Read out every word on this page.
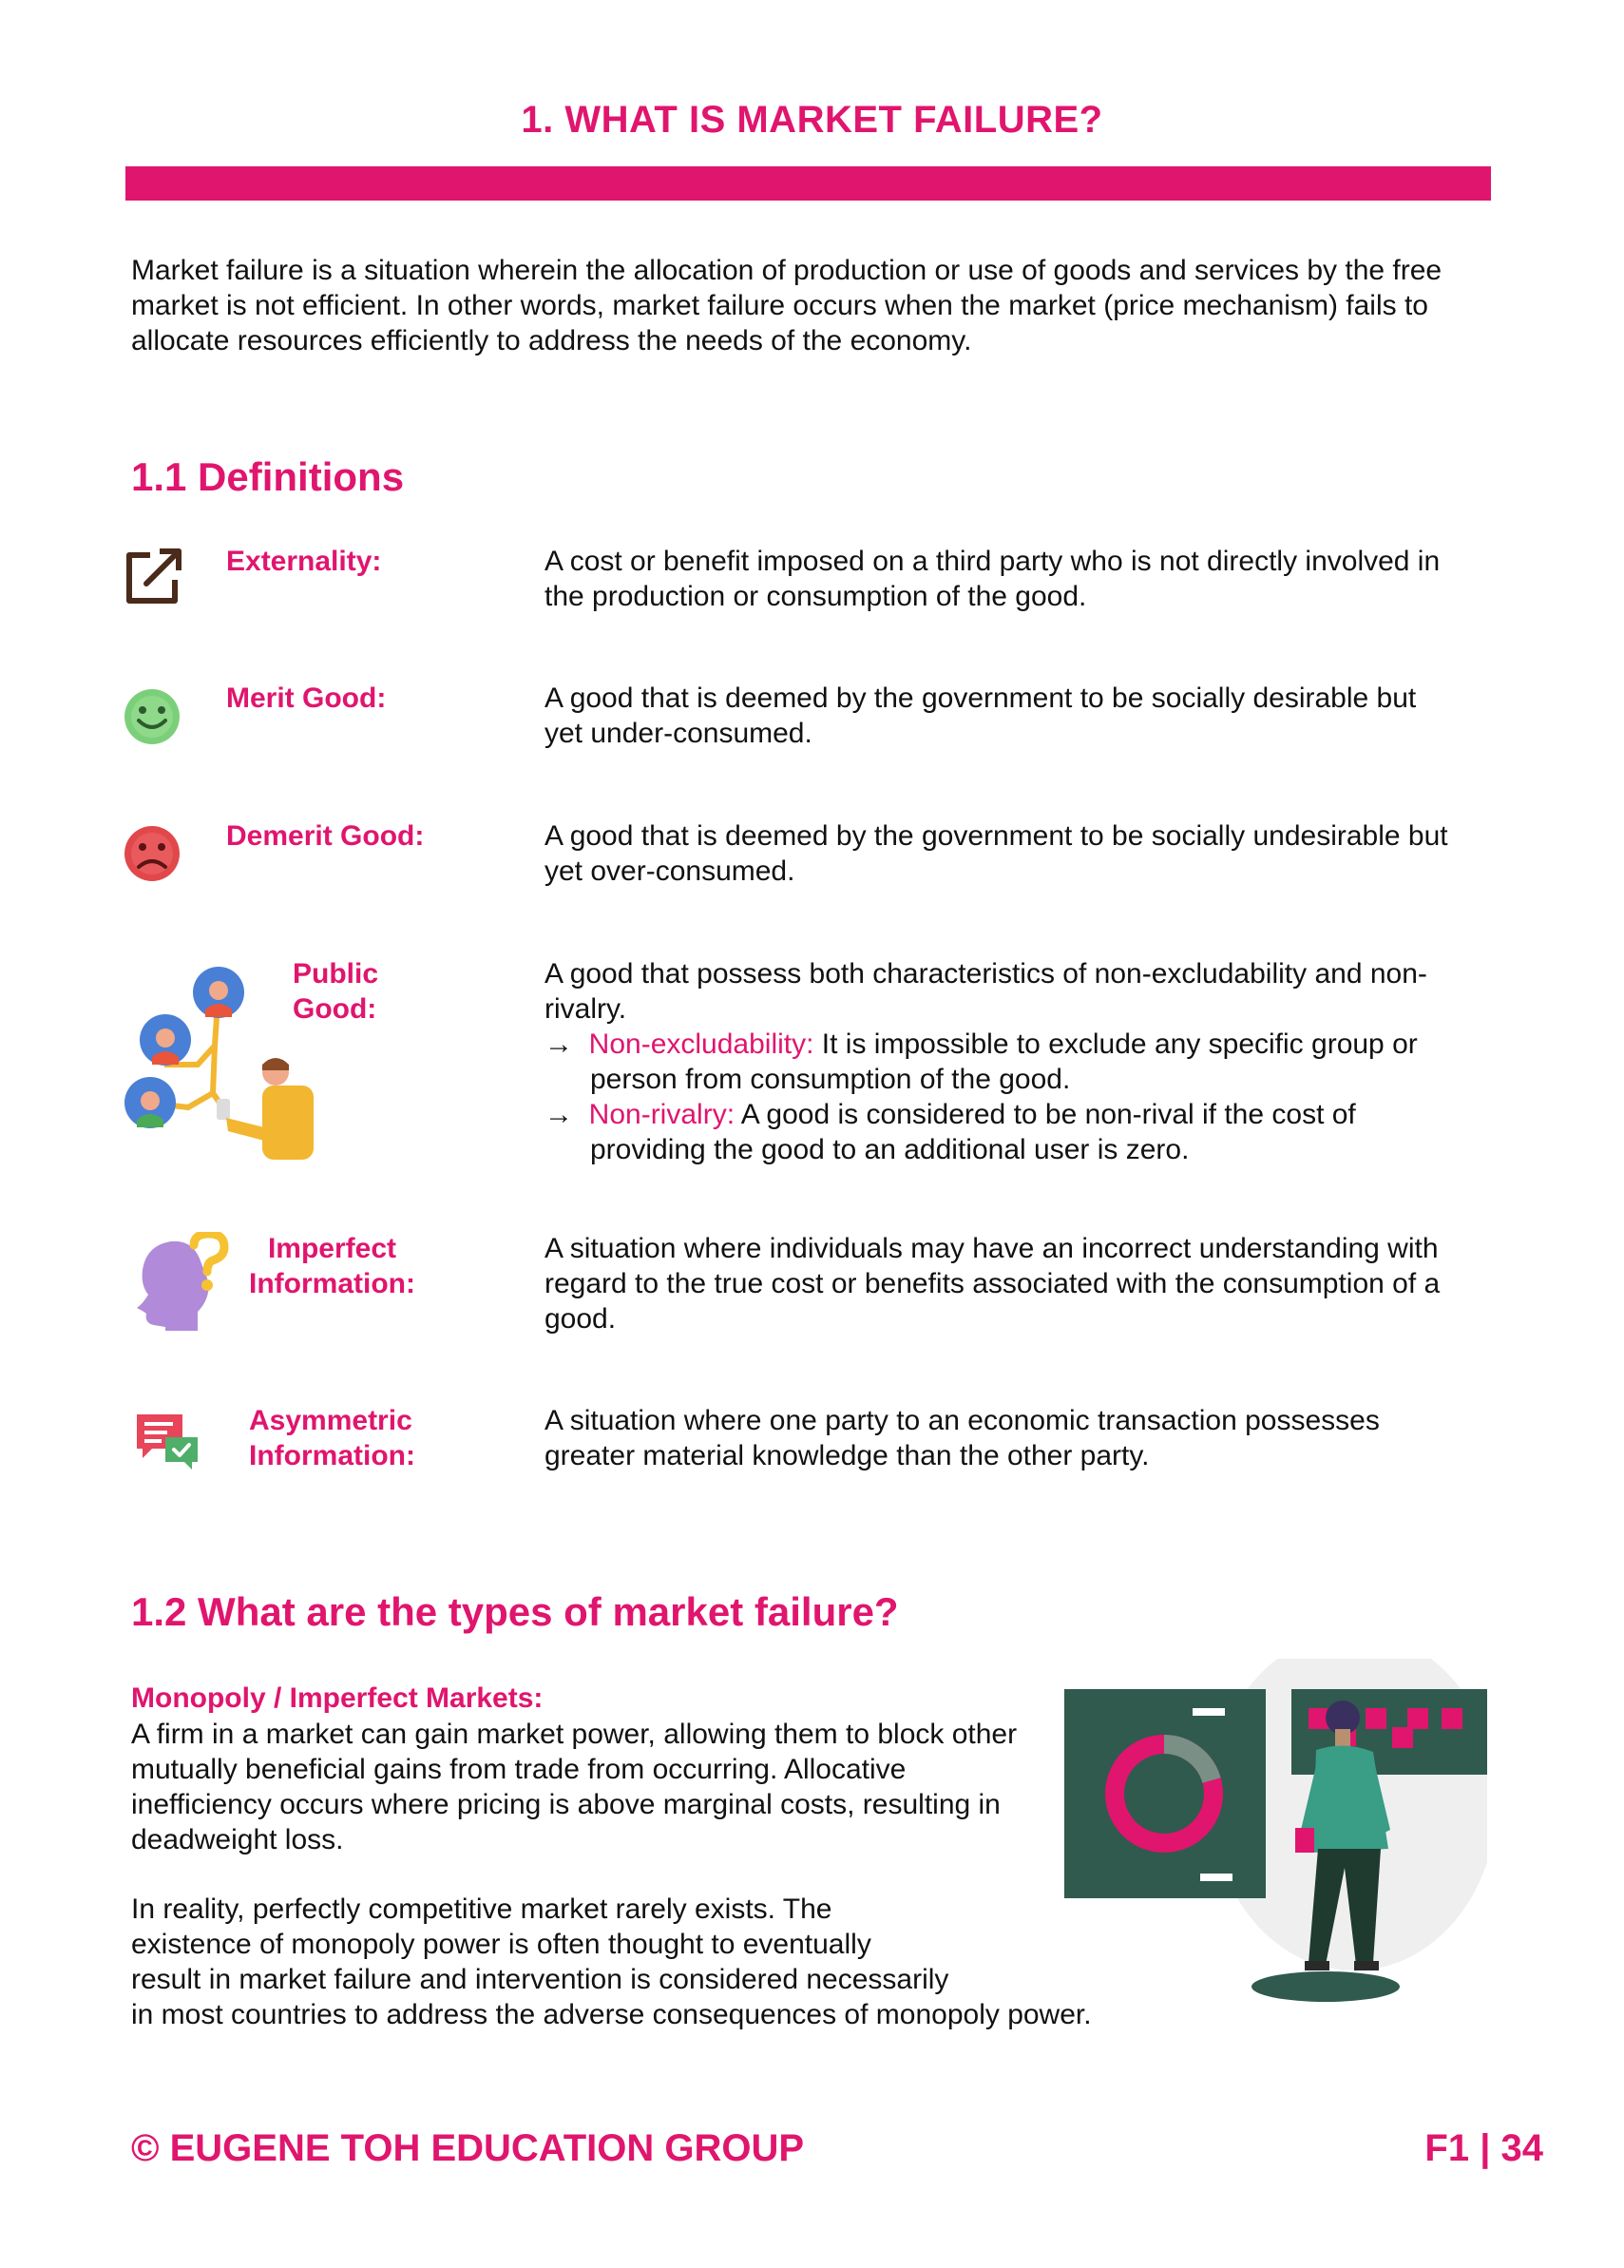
1. WHAT IS MARKET FAILURE?

Market failure is a situation wherein the allocation of production or use of goods and services by the free market is not efficient. In other words, market failure occurs when the market (price mechanism) fails to allocate resources efficiently to address the needs of the economy.

1.1 Definitions
Externality:	A cost or benefit imposed on a third party who is not directly involved in the production or consumption of the good.
Merit Good:	A good that is deemed by the government to be socially desirable but yet under-consumed.
Demerit Good:	A good that is deemed by the government to be socially undesirable but yet over-consumed.
Public
Good:
A good that possess both characteristics of non-excludability and non-rivalry.
→ Non-excludability: It is impossible to exclude any specific group or person from consumption of the good.
→ Non-rivalry: A good is considered to be non-rival if the cost of providing the good to an additional user is zero.
Imperfect
Information:
A situation where individuals may have an incorrect understanding with regard to the true cost or benefits associated with the consumption of a good.
Asymmetric
Information:
A situation where one party to an economic transaction possesses greater material knowledge than the other party.
1.2 What are the types of market failure?
Monopoly / Imperfect Markets:

A firm in a market can gain market power, allowing them to block other mutually beneficial gains from trade from occurring. Allocative inefficiency occurs where pricing is above marginal costs, resulting in deadweight loss.

In reality, perfectly competitive market rarely exists. The
existence of monopoly power is often thought to eventually
result in market failure and intervention is considered necessarily
in most countries to address the adverse consequences of monopoly power.
© EUGENE TOH EDUCATION GROUP	F1 | 34
